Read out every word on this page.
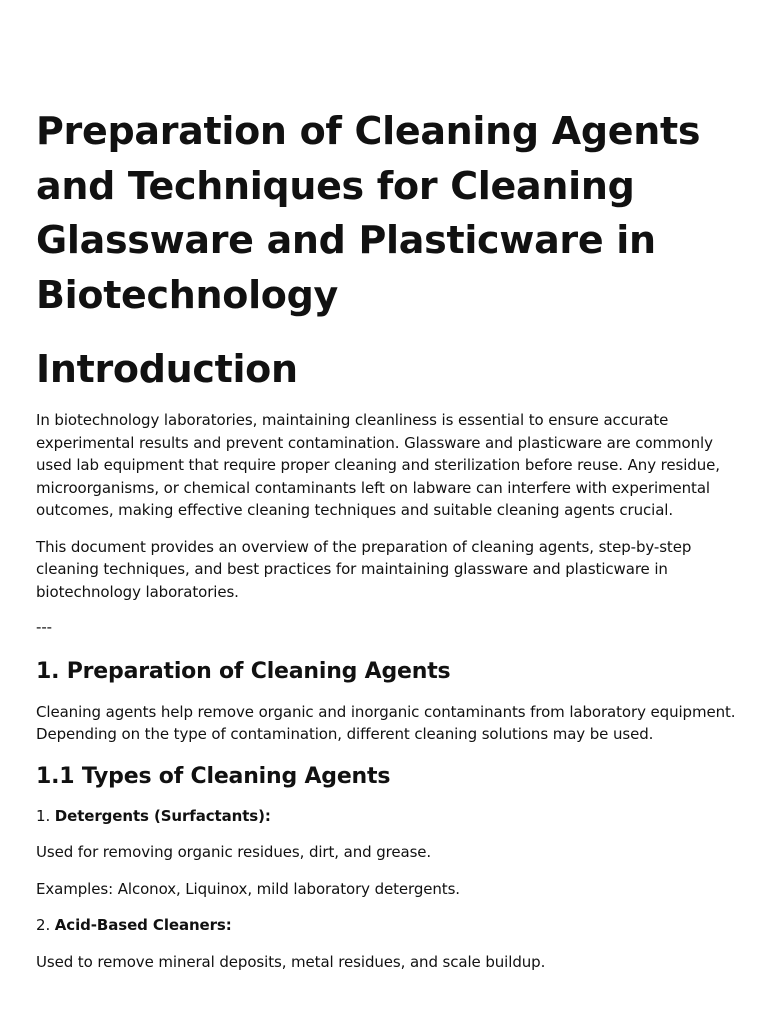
Preparation of Cleaning Agents and Techniques for Cleaning Glassware and Plasticware in Biotechnology
Introduction

In biotechnology laboratories, maintaining cleanliness is essential to ensure accurate experimental results and prevent contamination. Glassware and plasticware are commonly used lab equipment that require proper cleaning and sterilization before reuse. Any residue, microorganisms, or chemical contaminants left on labware can interfere with experimental outcomes, making effective cleaning techniques and suitable cleaning agents crucial.

This document provides an overview of the preparation of cleaning agents, step-by-step cleaning techniques, and best practices for maintaining glassware and plasticware in biotechnology laboratories.

---

1. Preparation of Cleaning Agents

Cleaning agents help remove organic and inorganic contaminants from laboratory equipment. Depending on the type of contamination, different cleaning solutions may be used.

1.1 Types of Cleaning Agents

1. Detergents (Surfactants):

Used for removing organic residues, dirt, and grease.

Examples: Alconox, Liquinox, mild laboratory detergents.

2. Acid-Based Cleaners:

Used to remove mineral deposits, metal residues, and scale buildup.
